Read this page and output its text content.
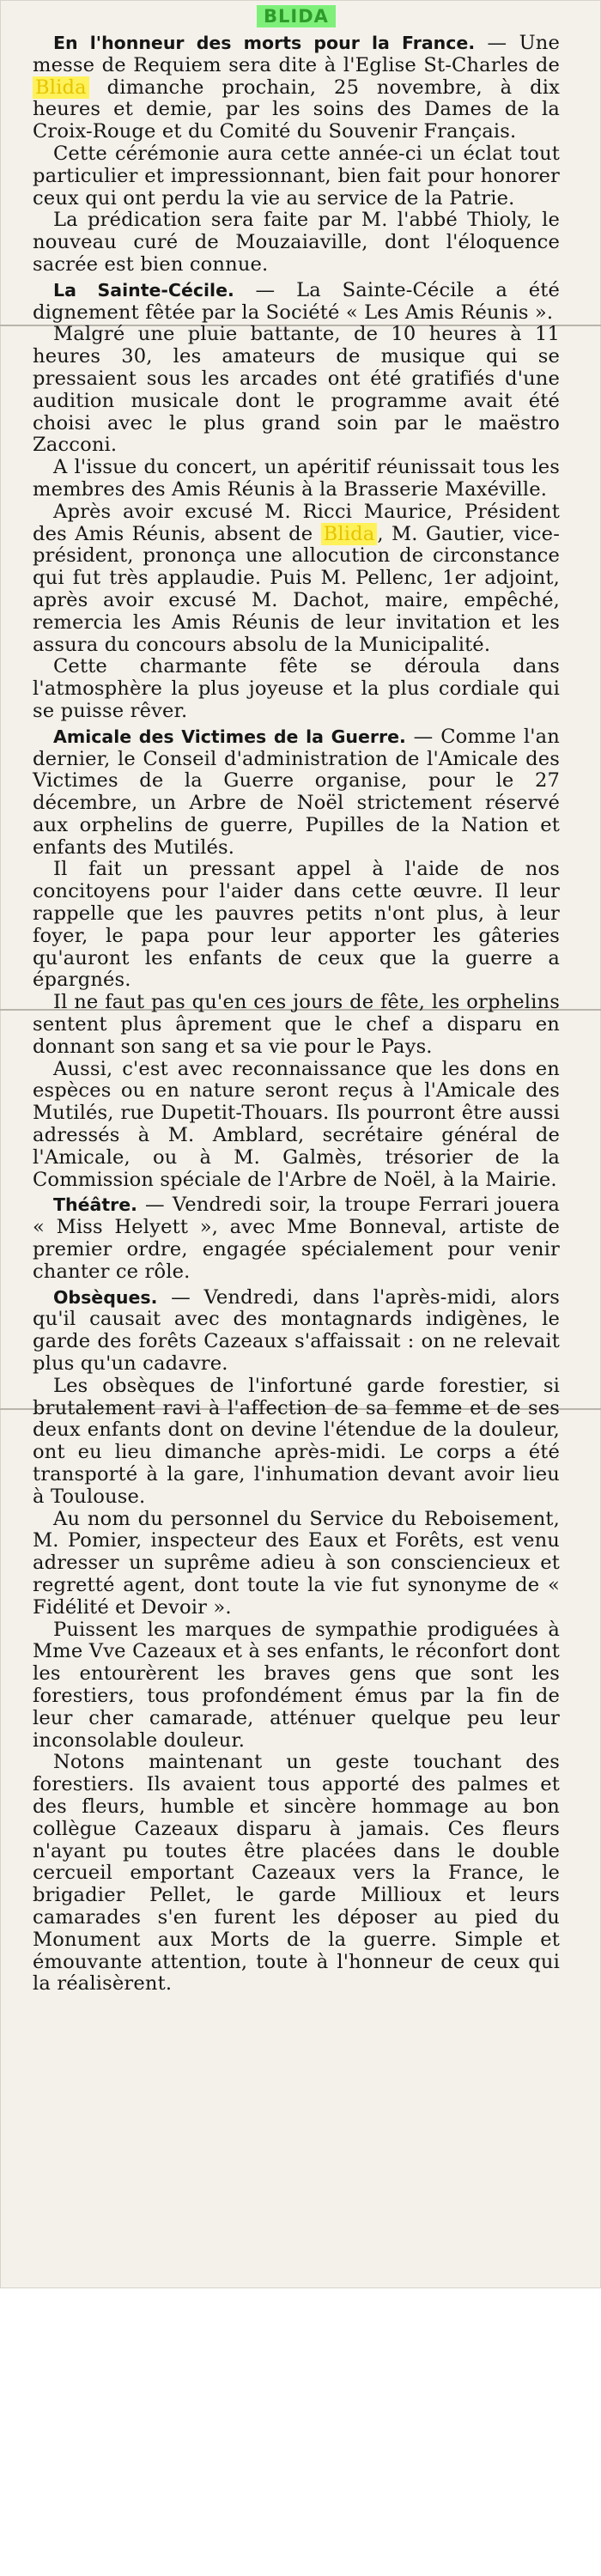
BLIDA

En l'honneur des morts pour la France. — Une messe de Requiem sera dite à l'Eglise St-Charles de Blida dimanche prochain, 25 novembre, à dix heures et demie, par les soins des Dames de la Croix-Rouge et du Comité du Souvenir Français.

Cette cérémonie aura cette année-ci un éclat tout particulier et impressionnant, bien fait pour honorer ceux qui ont perdu la vie au service de la Patrie.

La prédication sera faite par M. l'abbé Thioly, le nouveau curé de Mouzaiaville, dont l'éloquence sacrée est bien connue.

La Sainte-Cécile. — La Sainte-Cécile a été dignement fêtée par la Société « Les Amis Réunis ».

Malgré une pluie battante, de 10 heures à 11 heures 30, les amateurs de musique qui se pressaient sous les arcades ont été gratifiés d'une audition musicale dont le programme avait été choisi avec le plus grand soin par le maëstro Zacconi.

A l'issue du concert, un apéritif réunissait tous les membres des Amis Réunis à la Brasserie Maxéville.

Après avoir excusé M. Ricci Maurice, Président des Amis Réunis, absent de Blida , M. Gautier, vice-président, prononça une allocution de circonstance qui fut très applaudie. Puis M. Pellenc, 1er adjoint, après avoir excusé M. Dachot, maire, empêché, remercia les Amis Réunis de leur invitation et les assura du concours absolu de la Municipalité.

Cette charmante fête se déroula dans l'atmosphère la plus joyeuse et la plus cordiale qui se puisse rêver.

Amicale des Victimes de la Guerre. — Comme l'an dernier, le Conseil d'administration de l'Amicale des Victimes de la Guerre organise, pour le 27 décembre, un Arbre de Noël strictement réservé aux orphelins de guerre, Pupilles de la Nation et enfants des Mutilés.

Il fait un pressant appel à l'aide de nos concitoyens pour l'aider dans cette œuvre. Il leur rappelle que les pauvres petits n'ont plus, à leur foyer, le papa pour leur apporter les gâteries qu'auront les enfants de ceux que la guerre a épargnés.

Il ne faut pas qu'en ces jours de fête, les orphelins sentent plus âprement que le chef a disparu en donnant son sang et sa vie pour le Pays.

Aussi, c'est avec reconnaissance que les dons en espèces ou en nature seront reçus à l'Amicale des Mutilés, rue Dupetit-Thouars. Ils pourront être aussi adressés à M. Amblard, secrétaire général de l'Amicale, ou à M. Galmès, trésorier de la Commission spéciale de l'Arbre de Noël, à la Mairie.

Théâtre. — Vendredi soir, la troupe Ferrari jouera « Miss Helyett », avec Mme Bonneval, artiste de premier ordre, engagée spécialement pour venir chanter ce rôle.

Obsèques. — Vendredi, dans l'après-midi, alors qu'il causait avec des montagnards indigènes, le garde des forêts Cazeaux s'affaissait : on ne relevait plus qu'un cadavre.

Les obsèques de l'infortuné garde forestier, si brutalement ravi à l'affection de sa femme et de ses deux enfants dont on devine l'étendue de la douleur, ont eu lieu dimanche après-midi. Le corps a été transporté à la gare, l'inhumation devant avoir lieu à Toulouse.

Au nom du personnel du Service du Reboisement, M. Pomier, inspecteur des Eaux et Forêts, est venu adresser un suprême adieu à son consciencieux et regretté agent, dont toute la vie fut synonyme de « Fidélité et Devoir ».

Puissent les marques de sympathie prodiguées à Mme Vve Cazeaux et à ses enfants, le réconfort dont les entourèrent les braves gens que sont les forestiers, tous profondément émus par la fin de leur cher camarade, atténuer quelque peu leur inconsolable douleur.

Notons maintenant un geste touchant des forestiers. Ils avaient tous apporté des palmes et des fleurs, humble et sincère hommage au bon collègue Cazeaux disparu à jamais. Ces fleurs n'ayant pu toutes être placées dans le double cercueil emportant Cazeaux vers la France, le brigadier Pellet, le garde Millioux et leurs camarades s'en furent les déposer au pied du Monument aux Morts de la guerre. Simple et émouvante attention, toute à l'honneur de ceux qui la réalisèrent.
